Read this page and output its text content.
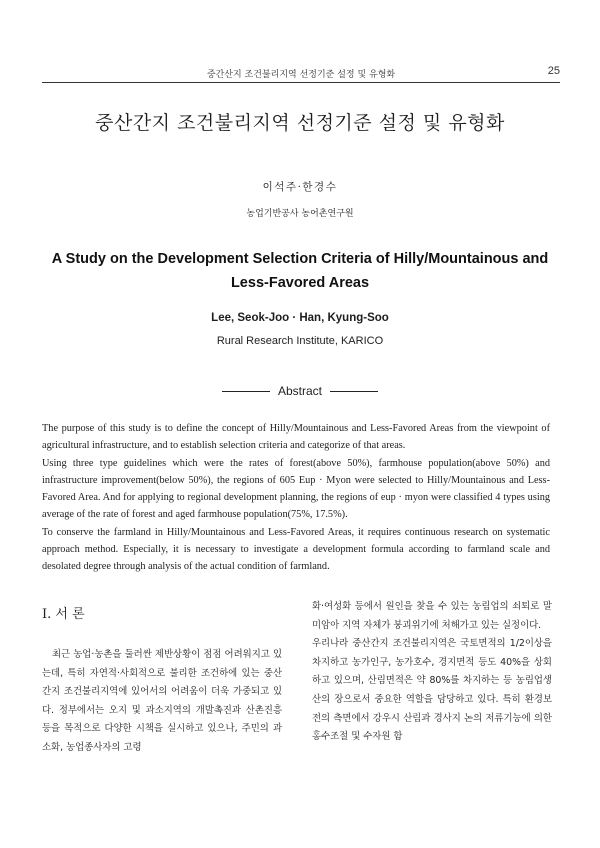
중간산지 조건불리지역 선정기준 설정 및 유형화	25
중산간지 조건불리지역 선정기준 설정 및 유형화
이석주·한경수
농업기반공사 농어촌연구원
A Study on the Development Selection Criteria of Hilly/Mountainous and Less-Favored Areas
Lee, Seok-Joo · Han, Kyung-Soo
Rural Research Institute, KARICO
Abstract

The purpose of this study is to define the concept of Hilly/Mountainous and Less-Favored Areas from the viewpoint of agricultural infrastructure, and to establish selection criteria and categorize of that areas.

Using three type guidelines which were the rates of forest(above 50%), farmhouse population(above 50%) and infrastructure improvement(below 50%), the regions of 605 Eup · Myon were selected to Hilly/Mountainous and Less-Favored Area. And for applying to regional development planning, the regions of eup · myon were classified 4 types using average of the rate of forest and aged farmhouse population(75%, 17.5%).

To conserve the farmland in Hilly/Mountainous and Less-Favored Areas, it requires continuous research on systematic approach method. Especially, it is necessary to investigate a development formula according to farmland scale and desolated degree through analysis of the actual condition of farmland.

I. 서 론

최근 농업·농촌을 둘러싼 제반상황이 점점 어려워지고 있는데, 특히 자연적·사회적으로 불리한 조건하에 있는 중산간지 조건불리지역에 있어서의 어려움이 더욱 가중되고 있다. 정부에서는 오지 및 과소지역의 개발촉진과 산촌진흥 등을 목적으로 다양한 시책을 실시하고 있으나, 주민의 과소화, 농업종사자의 고령

화·여성화 등에서 원인을 찾을 수 있는 농림업의 쇠퇴로 말미암아 지역 자체가 붕괴위기에 처해가고 있는 실정이다.

우리나라 중산간지 조건불리지역은 국토면적의 1/2이상을 차지하고 농가인구, 농가호수, 경지면적 등도 40%을 상회하고 있으며, 산림면적은 약 80%를 차지하는 등 농림업생산의 장으로서 중요한 역할을 담당하고 있다. 특히 환경보전의 측면에서 강우시 산림과 경사지 논의 저류기능에 의한 홍수조절 및 수자원 함
